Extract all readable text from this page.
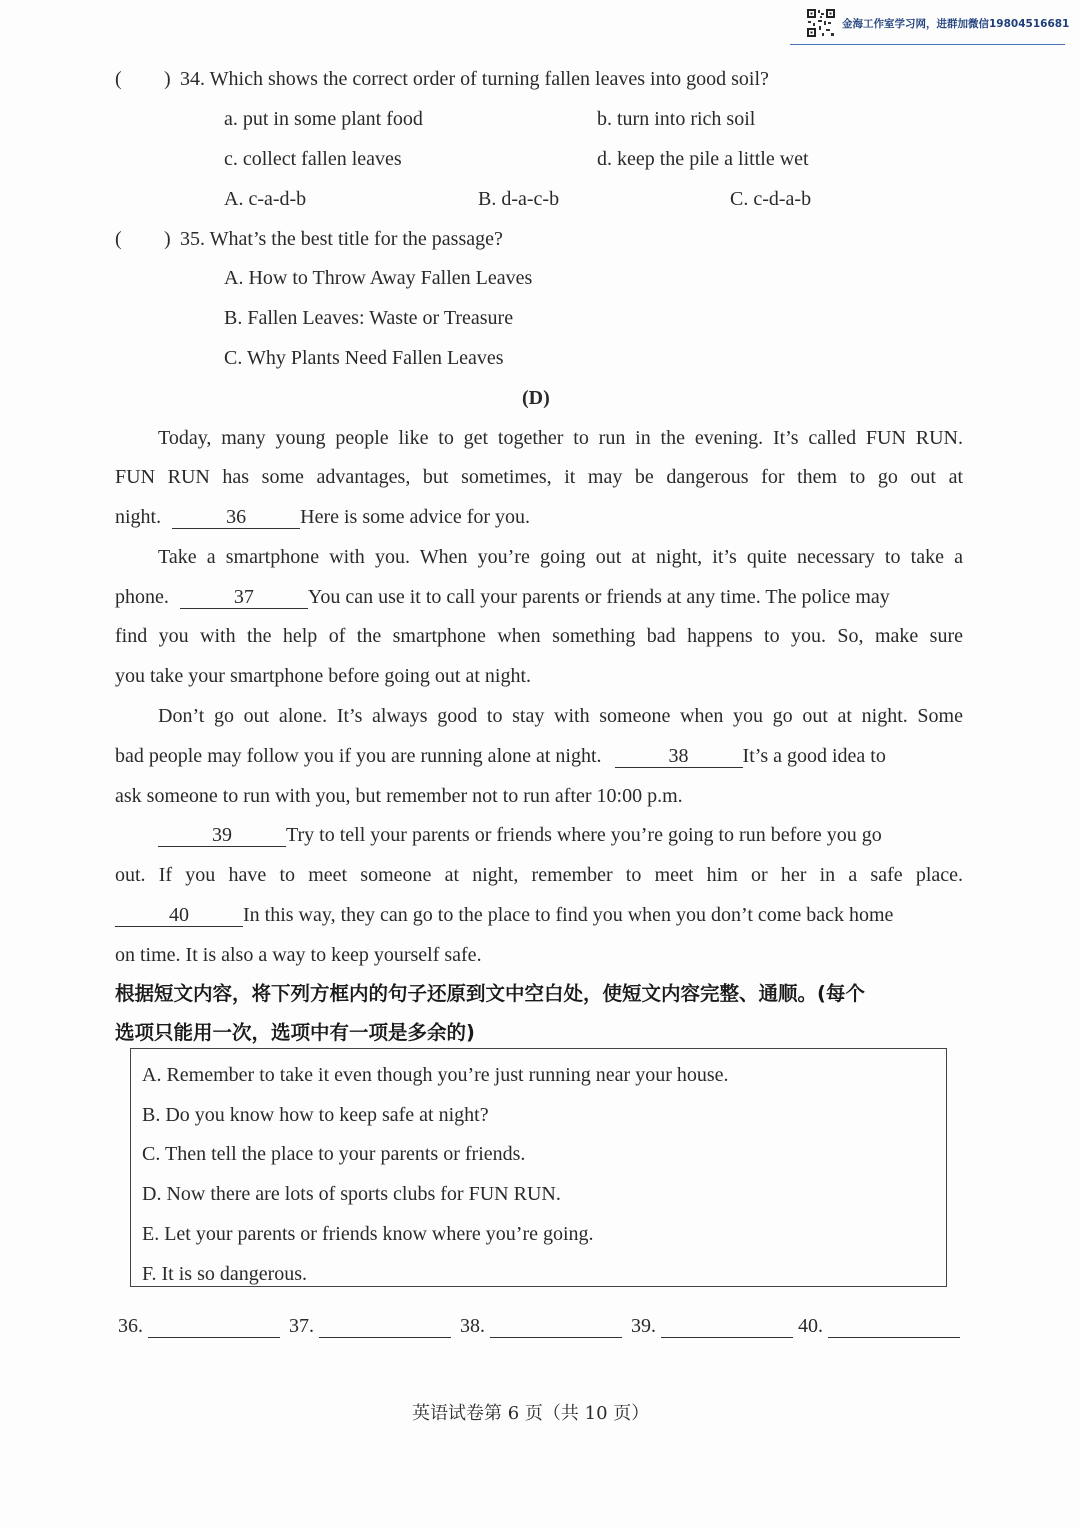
金海工作室学习网，进群加微信19804516681
( ) 34. Which shows the correct order of turning fallen leaves into good soil?
a. put in some plant food	b. turn into rich soil
c. collect fallen leaves	d. keep the pile a little wet
A. c-a-d-b	B. d-a-c-b	C. c-d-a-b
( ) 35. What’s the best title for the passage?
A. How to Throw Away Fallen Leaves
B. Fallen Leaves: Waste or Treasure
C. Why Plants Need Fallen Leaves
(D)
Today, many young people like to get together to run in the evening. It’s called FUN RUN.
FUN RUN has some advantages, but sometimes, it may be dangerous for them to go out at
night.	36	Here is some advice for you.
Take a smartphone with you. When you’re going out at night, it’s quite necessary to take a
phone.	37	You can use it to call your parents or friends at any time. The police may
find you with the help of the smartphone when something bad happens to you. So, make sure
you take your smartphone before going out at night.
Don’t go out alone. It’s always good to stay with someone when you go out at night. Some
bad people may follow you if you are running alone at night.	38	It’s a good idea to
ask someone to run with you, but remember not to run after 10:00 p.m.
39	Try to tell your parents or friends where you’re going to run before you go
out. If you have to meet someone at night, remember to meet him or her in a safe place.
40	In this way, they can go to the place to find you when you don’t come back home
on time. It is also a way to keep yourself safe.
根据短文内容，将下列方框内的句子还原到文中空白处，使短文内容完整、通顺。(每个
选项只能用一次，选项中有一项是多余的)
A. Remember to take it even though you’re just running near your house.
B. Do you know how to keep safe at night?
C. Then tell the place to your parents or friends.
D. Now there are lots of sports clubs for FUN RUN.
E. Let your parents or friends know where you’re going.
F. It is so dangerous.
36.	37.	38.	39.	40.
英语试卷第 6 页（共 10 页）
